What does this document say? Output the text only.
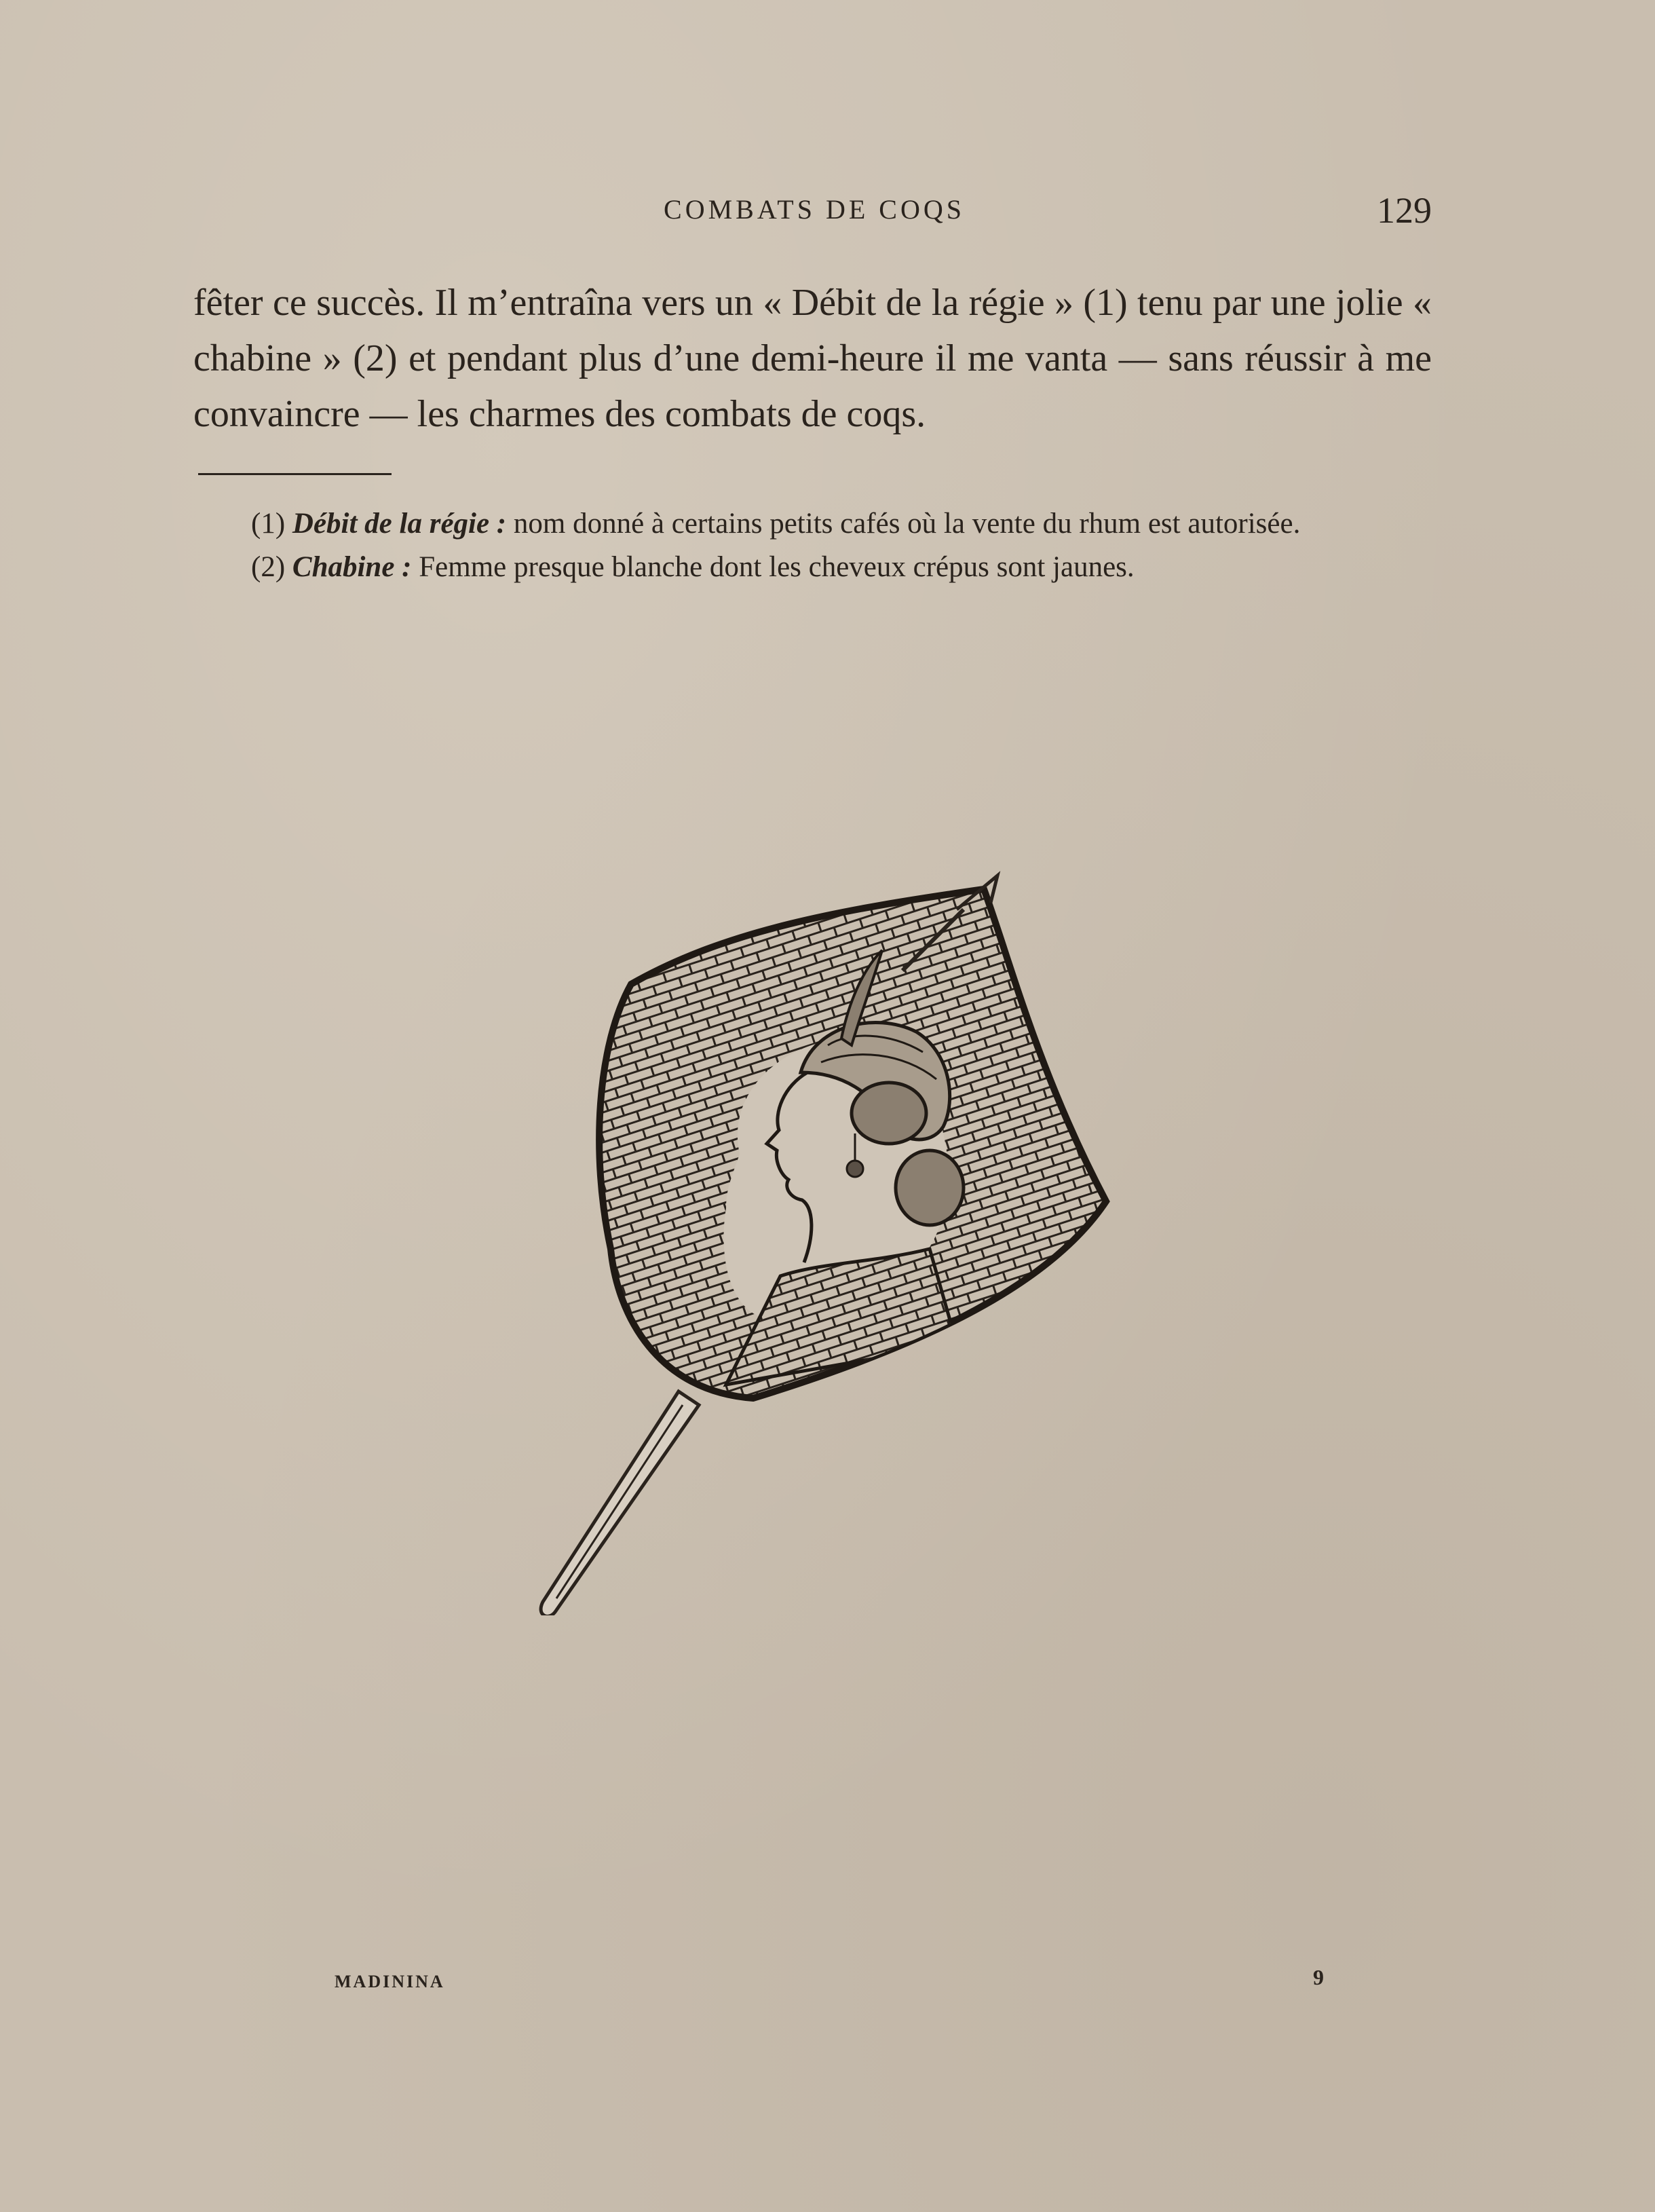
COMBATS DE COQS	129

fêter ce succès. Il m’entraîna vers un « Débit de la régie » (1) tenu par une jolie « chabine » (2) et pendant plus d’une demi-heure il me vanta — sans réussir à me convaincre — les charmes des combats de coqs.

(1) Débit de la régie : nom donné à certains petits cafés où la vente du rhum est autorisée.

(2) Chabine : Femme presque blanche dont les cheveux crépus sont jaunes.

MADININA	9
